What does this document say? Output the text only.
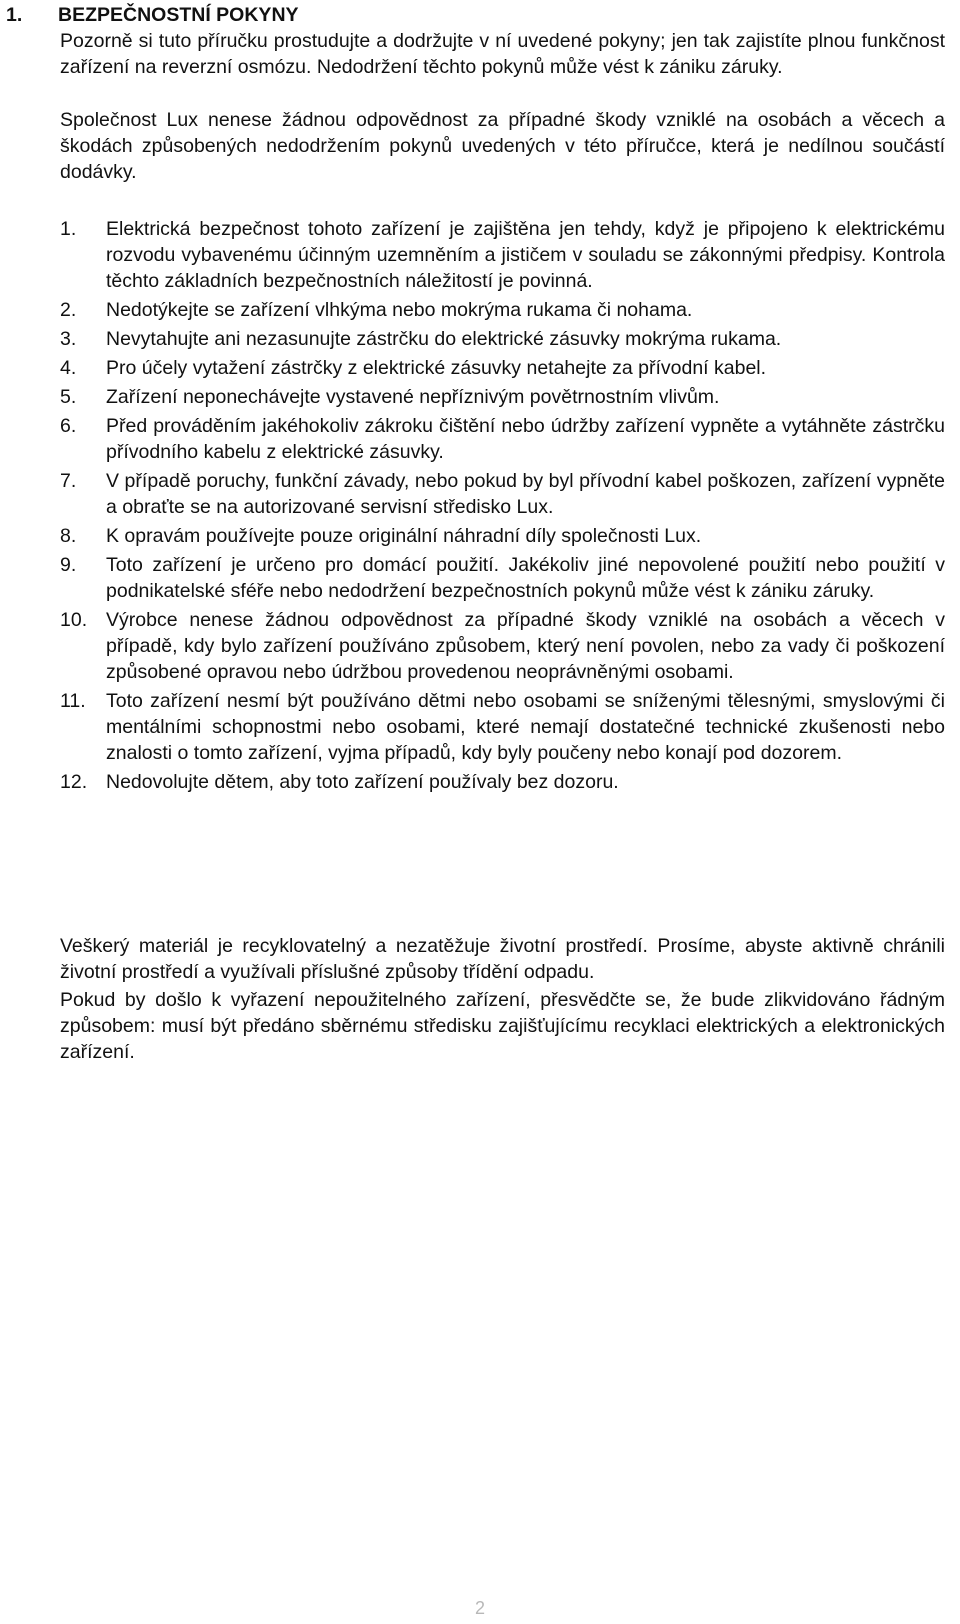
1.	BEZPEČNOSTNÍ POKYNY

Pozorně si tuto příručku prostudujte a dodržujte v ní uvedené pokyny; jen tak zajistíte plnou funkčnost zařízení na reverzní osmózu. Nedodržení těchto pokynů může vést k zániku záruky.

Společnost Lux nenese žádnou odpovědnost za případné škody vzniklé na osobách a věcech a škodách způsobených nedodržením pokynů uvedených v této příručce, která je nedílnou součástí dodávky.

1.	Elektrická bezpečnost tohoto zařízení je zajištěna jen tehdy, když je připojeno k elektrickému rozvodu vybavenému účinným uzemněním a jističem v souladu se zákonnými předpisy. Kontrola těchto základních bezpečnostních náležitostí je povinná.
2.	Nedotýkejte se zařízení vlhkýma nebo mokrýma rukama či nohama.
3.	Nevytahujte ani nezasunujte zástrčku do elektrické zásuvky mokrýma rukama.
4.	Pro účely vytažení zástrčky z elektrické zásuvky netahejte za přívodní kabel.
5.	Zařízení neponechávejte vystavené nepříznivým povětrnostním vlivům.
6.	Před prováděním jakéhokoliv zákroku čištění nebo údržby zařízení vypněte a vytáhněte zástrčku přívodního kabelu z elektrické zásuvky.
7.	V případě poruchy, funkční závady, nebo pokud by byl přívodní kabel poškozen, zařízení vypněte a obraťte se na autorizované servisní středisko Lux.
8.	K opravám používejte pouze originální náhradní díly společnosti Lux.
9.	Toto zařízení je určeno pro domácí použití. Jakékoliv jiné nepovolené použití nebo použití v podnikatelské sféře nebo nedodržení bezpečnostních pokynů může vést k zániku záruky.
10. Výrobce nenese žádnou odpovědnost za případné škody vzniklé na osobách a věcech v případě, kdy bylo zařízení používáno způsobem, který není povolen, nebo za vady či poškození způsobené opravou nebo údržbou provedenou neoprávněnými osobami.
11.	Toto zařízení nesmí být používáno dětmi nebo osobami se sníženými tělesnými, smyslovými či mentálními schopnostmi nebo osobami, které nemají dostatečné technické zkušenosti nebo znalosti o tomto zařízení, vyjma případů, kdy byly poučeny nebo konají pod dozorem.
12. Nedovolujte dětem, aby toto zařízení používaly bez dozoru.

Veškerý materiál je recyklovatelný a nezatěžuje životní prostředí. Prosíme, abyste aktivně chránili životní prostředí a využívali příslušné způsoby třídění odpadu.

Pokud by došlo k vyřazení nepoužitelného zařízení, přesvědčte se, že bude zlikvidováno řádným způsobem: musí být předáno sběrnému středisku zajišťujícímu recyklaci elektrických a elektronických zařízení.

2
